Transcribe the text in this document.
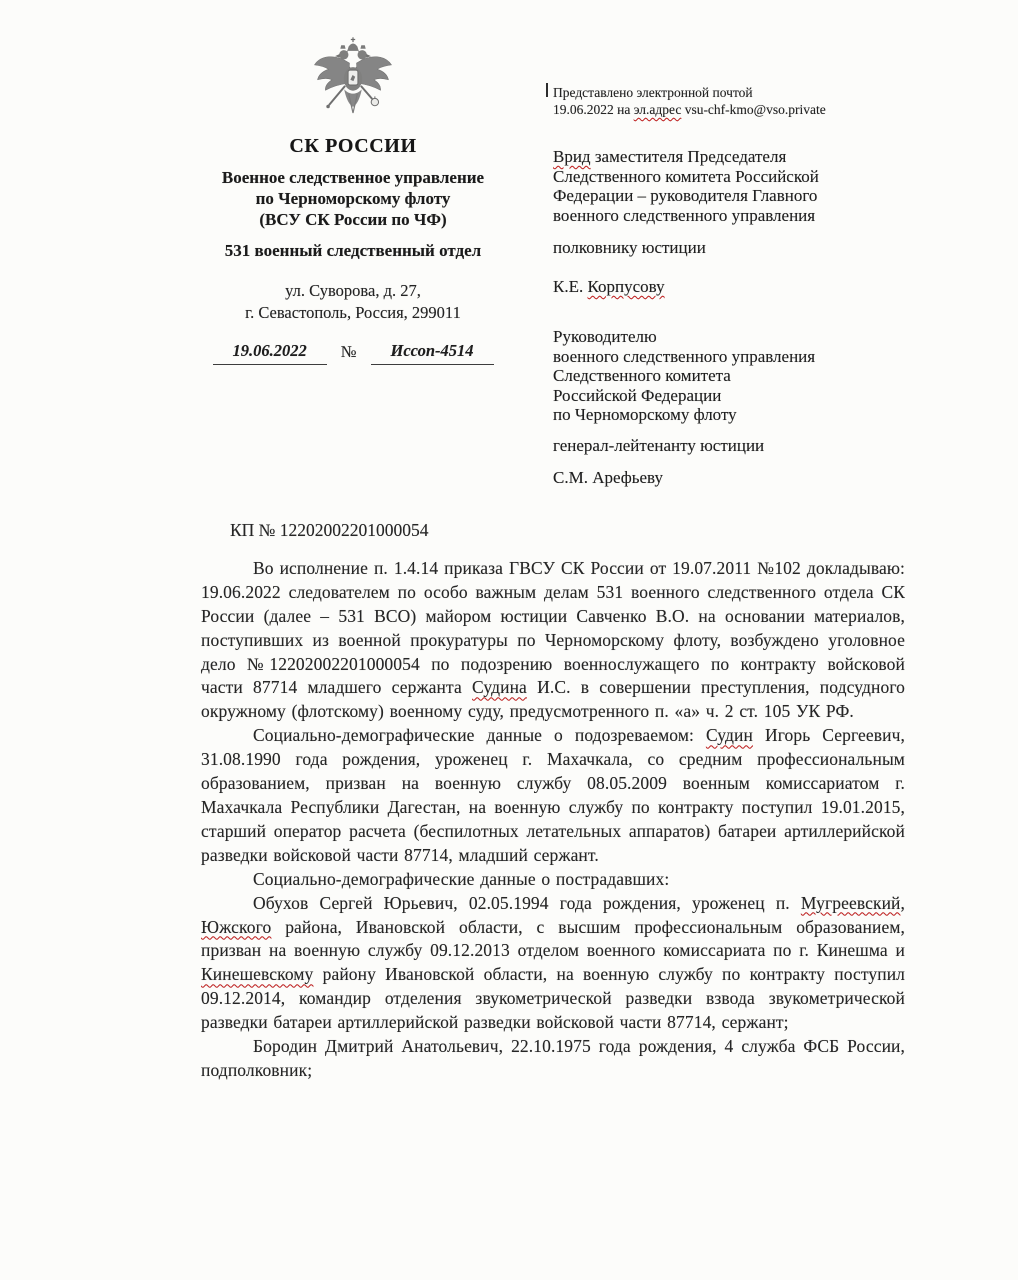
СК РОССИИ
Военное следственное управление
по Черноморскому флоту
(ВСУ СК России по ЧФ)
531 военный следственный отдел
ул. Суворова, д. 27,
г. Севастополь, Россия, 299011
19.06.2022	№	Иссоп-4514
Представлено электронной почтой
19.06.2022 на эл.адрес vsu-chf-kmo@vso.private
Врид заместителя Председателя
Следственного комитета Российской
Федерации – руководителя Главного
военного следственного управления
полковнику юстиции
К.Е. Корпусову
Руководителю
военного следственного управления
Следственного комитета
Российской Федерации
по Черноморскому флоту
генерал-лейтенанту юстиции
С.М. Арефьеву
КП № 12202002201000054

Во исполнение п. 1.4.14 приказа ГВСУ СК России от 19.07.2011 №102 докладываю: 19.06.2022 следователем по особо важным делам 531 военного следственного отдела СК России (далее – 531 ВСО) майором юстиции Савченко В.О. на основании материалов, поступивших из военной прокуратуры по Черноморскому флоту, возбуждено уголовное дело №12202002201000054 по подозрению военнослужащего по контракту войсковой части 87714 младшего сержанта Судина И.С. в совершении преступления, подсудного окружному (флотскому) военному суду, предусмотренного п. «а» ч. 2 ст. 105 УК РФ.

Социально-демографические данные о подозреваемом: Судин Игорь Сергеевич, 31.08.1990 года рождения, уроженец г. Махачкала, со средним профессиональным образованием, призван на военную службу 08.05.2009 военным комиссариатом г. Махачкала Республики Дагестан, на военную службу по контракту поступил 19.01.2015, старший оператор расчета (беспилотных летательных аппаратов) батареи артиллерийской разведки войсковой части 87714, младший сержант.

Социально-демографические данные о пострадавших:

Обухов Сергей Юрьевич, 02.05.1994 года рождения, уроженец п. Мугреевский, Южского района, Ивановской области, с высшим профессиональным образованием, призван на военную службу 09.12.2013 отделом военного комиссариата по г. Кинешма и Кинешевскому району Ивановской области, на военную службу по контракту поступил 09.12.2014, командир отделения звукометрической разведки взвода звукометрической разведки батареи артиллерийской разведки войсковой части 87714, сержант;

Бородин Дмитрий Анатольевич, 22.10.1975 года рождения, 4 служба ФСБ России, подполковник;
